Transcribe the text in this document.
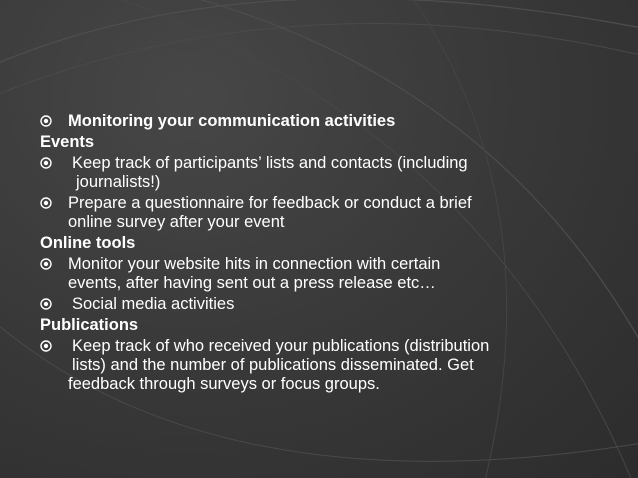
Monitoring your communication activities
Events
Keep track of participants’ lists and contacts (including
journalists!)
Prepare a questionnaire for feedback or conduct a brief
online survey after your event
Online tools
Monitor your website hits in connection with certain
events, after having sent out a press release etc…
Social media activities
Publications
Keep track of who received your publications (distribution
lists) and the number of publications disseminated. Get
feedback through surveys or focus groups.
